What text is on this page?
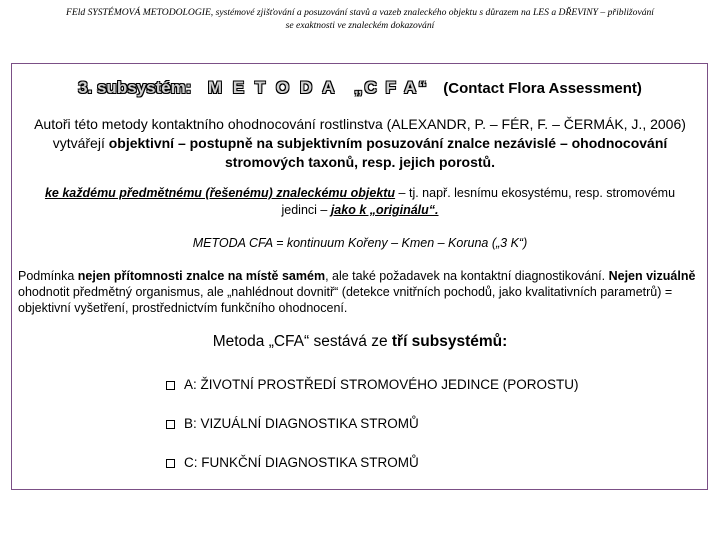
FEld SYSTÉMOVÁ METODOLOGIE, systémové zjišťování a posuzování stavů a vazeb znaleckého objektu s důrazem na LES a DŘEVINY – přibližování
se exaktnosti ve znaleckém dokazování
3. subsystém: M E T O D A „C F A“ (Contact Flora Assessment)
Autoři této metody kontaktního ohodnocování rostlinstva (ALEXANDR, P. – FÉR, F. – ČERMÁK, J., 2006) vytvářejí objektivní – postupně na subjektivním posuzování znalce nezávislé – ohodnocování stromových taxonů, resp. jejich porostů.
ke každému předmětnému (řešenému) znaleckému objektu – tj. např. lesnímu ekosystému, resp. stromovému jedinci – jako k „originálu“.
METODA CFA = kontinuum Kořeny – Kmen – Koruna („3 K“)
Podmínka nejen přítomnosti znalce na místě samém, ale také požadavek na kontaktní diagnostikování. Nejen vizuálně ohodnotit předmětný organismus, ale „nahlédnout dovnitř“ (detekce vnitřních pochodů, jako kvalitativních parametrů) = objektivní vyšetření, prostřednictvím funkčního ohodnocení.
Metoda „CFA“ sestává ze tří subsystémů:
A: ŽIVOTNÍ PROSTŘEDÍ STROMOVÉHO JEDINCE (POROSTU)
B: VIZUÁLNÍ DIAGNOSTIKA STROMŮ
C: FUNKČNÍ DIAGNOSTIKA STROMŮ
